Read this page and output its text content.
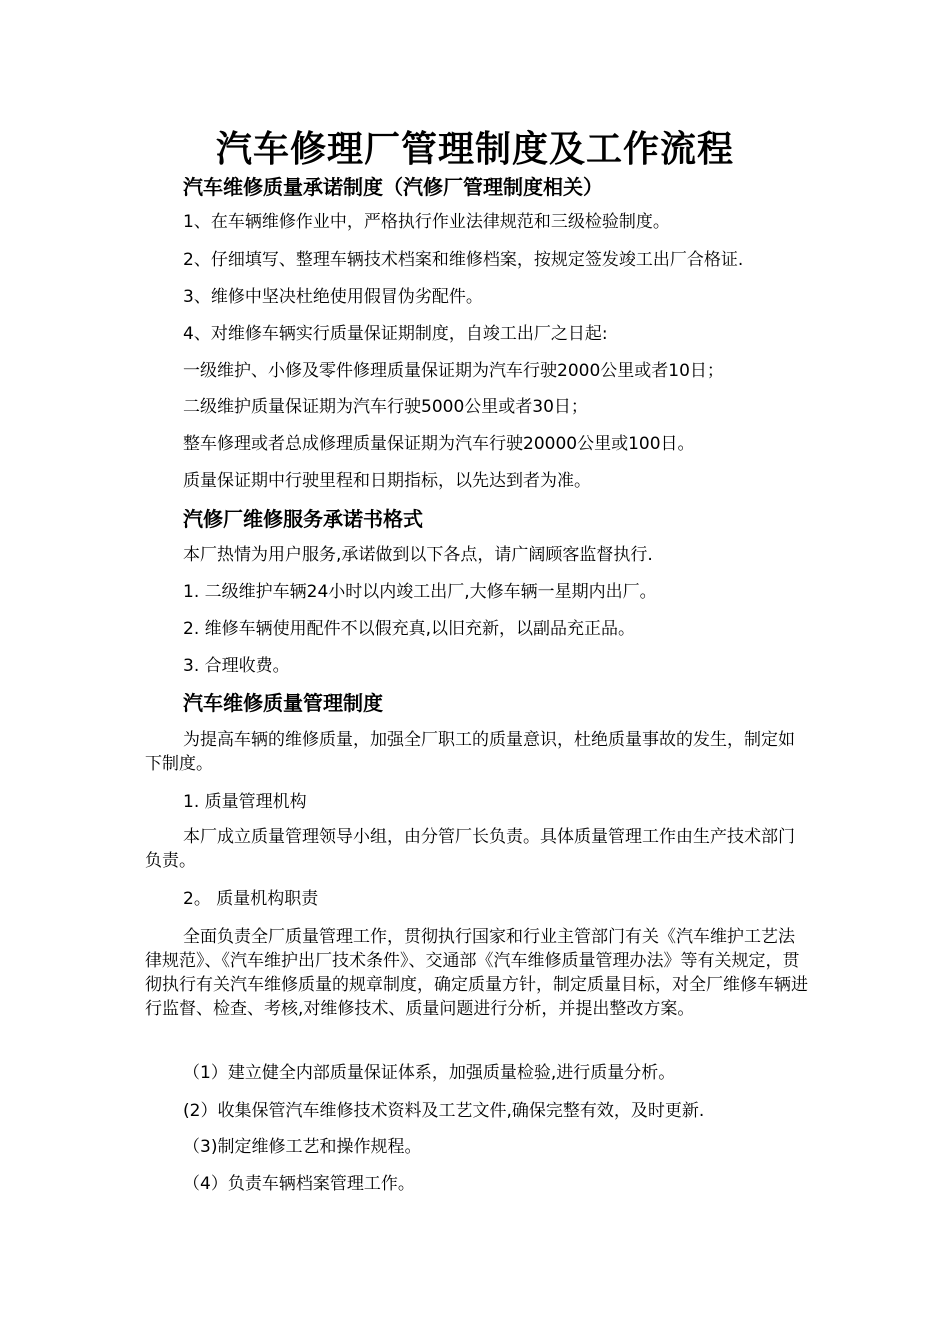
汽车修理厂管理制度及工作流程
汽车维修质量承诺制度（汽修厂管理制度相关）
1、在车辆维修作业中，严格执行作业法律规范和三级检验制度。
2、仔细填写、整理车辆技术档案和维修档案，按规定签发竣工出厂合格证.
3、维修中坚决杜绝使用假冒伪劣配件。
4、对维修车辆实行质量保证期制度，自竣工出厂之日起:
一级维护、小修及零件修理质量保证期为汽车行驶2000公里或者10日；
二级维护质量保证期为汽车行驶5000公里或者30日；
整车修理或者总成修理质量保证期为汽车行驶20000公里或100日。
质量保证期中行驶里程和日期指标，以先达到者为准。
汽修厂维修服务承诺书格式
本厂热情为用户服务,承诺做到以下各点，请广阔顾客监督执行.
1. 二级维护车辆24小时以内竣工出厂,大修车辆一星期内出厂。
2. 维修车辆使用配件不以假充真,以旧充新，以副品充正品。
3. 合理收费。
汽车维修质量管理制度
为提高车辆的维修质量，加强全厂职工的质量意识，杜绝质量事故的发生，制定如下制度。
1. 质量管理机构
本厂成立质量管理领导小组，由分管厂长负责。具体质量管理工作由生产技术部门负责。
2。 质量机构职责
全面负责全厂质量管理工作，贯彻执行国家和行业主管部门有关《汽车维护工艺法律规范》、《汽车维护出厂技术条件》、交通部《汽车维修质量管理办法》等有关规定，贯彻执行有关汽车维修质量的规章制度，确定质量方针，制定质量目标，对全厂维修车辆进行监督、检查、考核,对维修技术、质量问题进行分析，并提出整改方案。
（1）建立健全内部质量保证体系，加强质量检验,进行质量分析。
(2）收集保管汽车维修技术资料及工艺文件,确保完整有效，及时更新.
（3)制定维修工艺和操作规程。
（4）负责车辆档案管理工作。
